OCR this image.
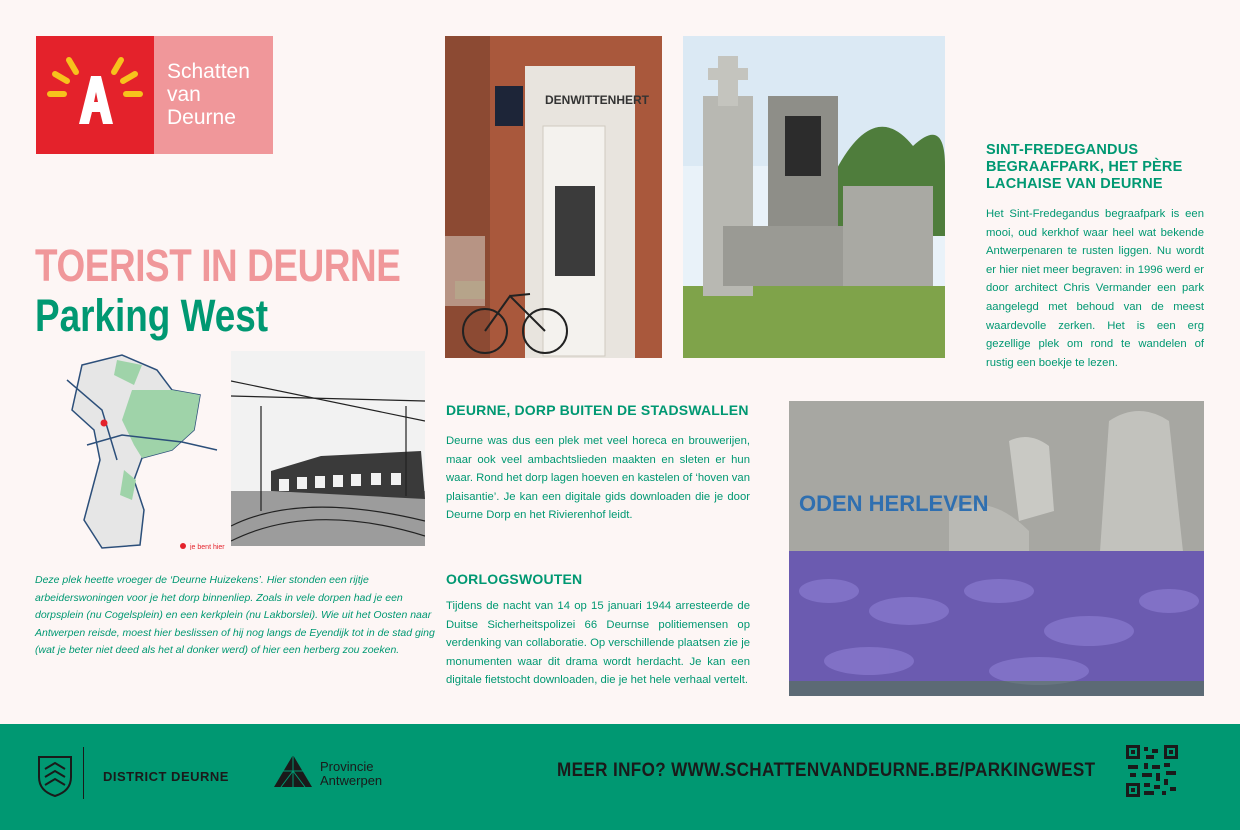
Schatten
van
Deurne
TOERIST IN DEURNE
Parking West
je bent hier
Deze plek heette vroeger de ‘Deurne Huizekens’. Hier stonden een rijtje arbeiderswoningen voor je het dorp binnenliep. Zoals in vele dorpen had je een dorpsplein (nu Cogelsplein) en een kerkplein (nu Lakborslei). Wie uit het Oosten naar Antwerpen reisde, moest hier beslissen of hij nog langs de Eyendijk tot in de stad ging (wat je beter niet deed als het al donker werd) of hier een herberg zou zoeken.
DENWITTENHERT
SINT-FREDEGANDUS BEGRAAFPARK, HET PÈRE LACHAISE VAN DEURNE
Het Sint-Fredegandus begraafpark is een mooi, oud kerkhof waar heel wat bekende Antwerpenaren te rusten liggen. Nu wordt er hier niet meer begraven: in 1996 werd er door architect Chris Vermander een park aangelegd met behoud van de meest waardevolle zerken. Het is een erg gezellige plek om rond te wandelen of rustig een boekje te lezen.
DEURNE, DORP BUITEN DE STADSWALLEN
Deurne was dus een plek met veel horeca en brouwerijen, maar ook veel ambachtslieden maakten en sleten er hun waar. Rond het dorp lagen hoeven en kastelen of ‘hoven van plaisantie’. Je kan een digitale gids downloaden die je door Deurne Dorp en het Rivierenhof leidt.
OORLOGSWOUTEN
Tijdens de nacht van 14 op 15 januari 1944 arresteerde de Duitse Sicherheitspolizei 66 Deurnse politiemensen op verdenking van collaboratie. Op verschillende plaatsen zie je monumenten waar dit drama wordt herdacht. Je kan een digitale fietstocht downloaden, die je het hele verhaal vertelt.
ODEN HERLEVEN
DISTRICT DEURNE
Provincie
Antwerpen	MEER INFO? WWW.SCHATTENVANDEURNE.BE/PARKINGWEST
